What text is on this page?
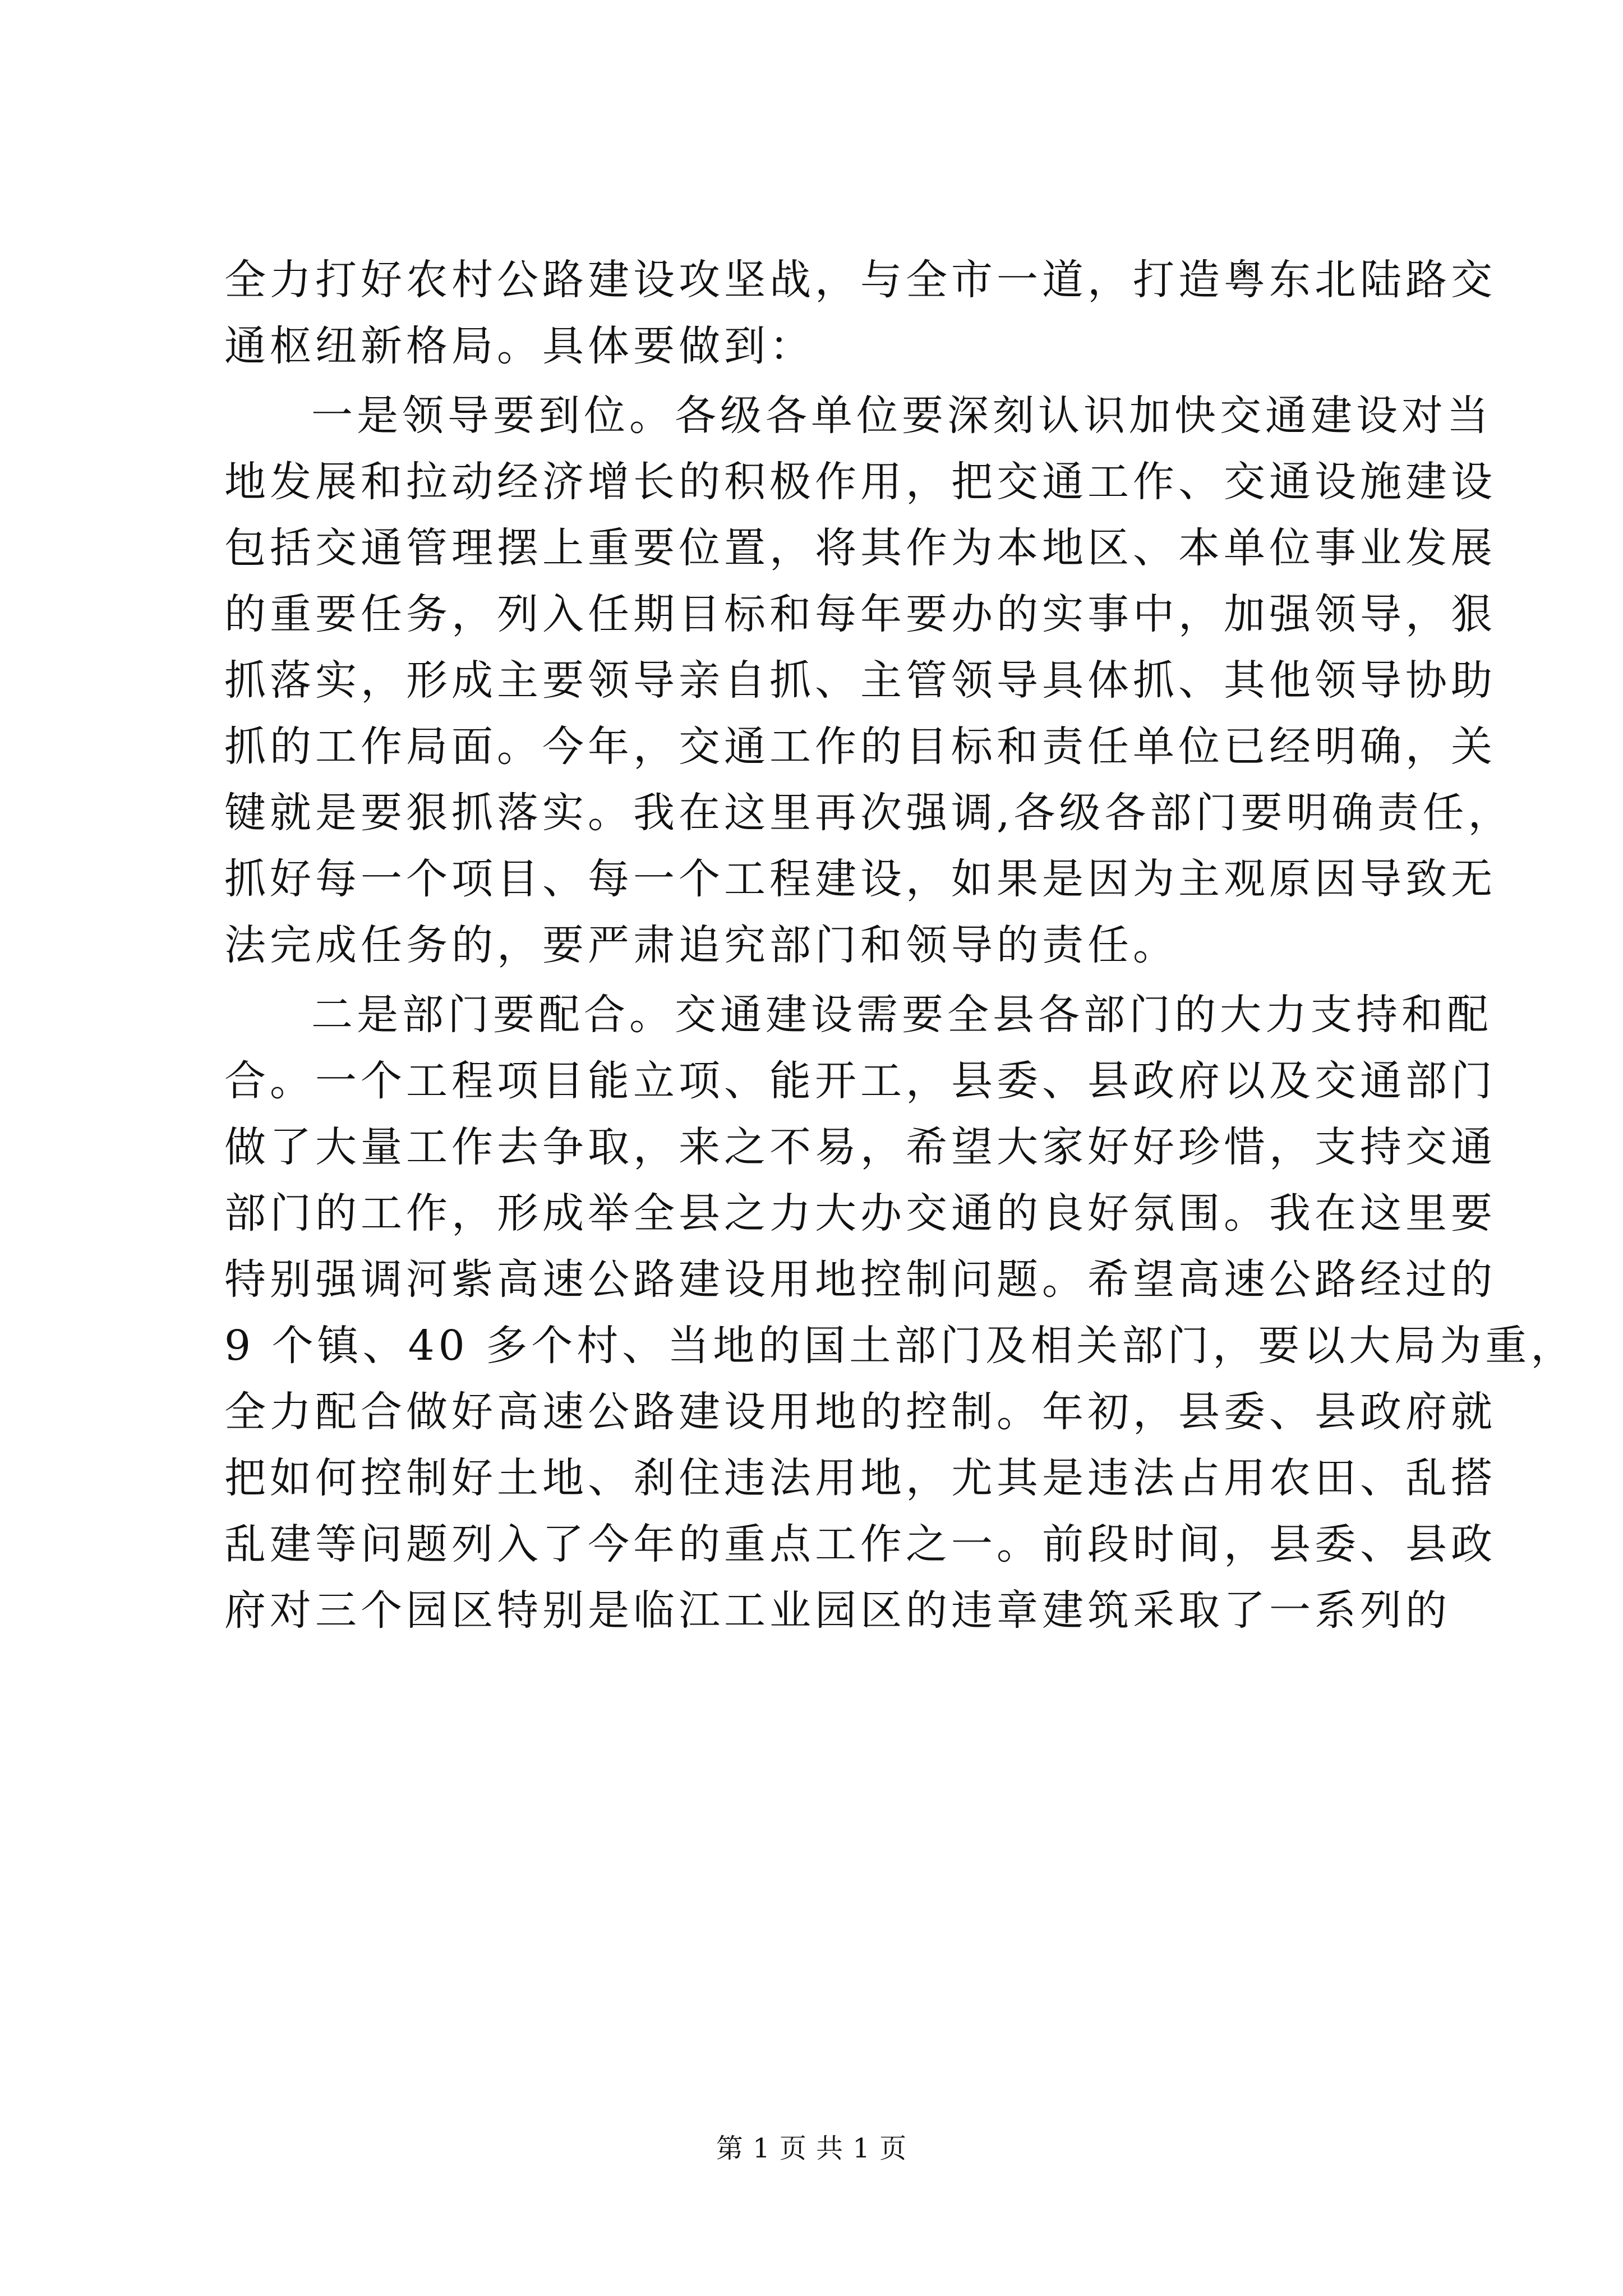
全力打好农村公路建设攻坚战，与全市一道，打造粤东北陆路交
通枢纽新格局。具体要做到：
一是领导要到位。各级各单位要深刻认识加快交通建设对当
地发展和拉动经济增长的积极作用，把交通工作、交通设施建设
包括交通管理摆上重要位置，将其作为本地区、本单位事业发展
的重要任务，列入任期目标和每年要办的实事中，加强领导，狠
抓落实，形成主要领导亲自抓、主管领导具体抓、其他领导协助
抓的工作局面。今年，交通工作的目标和责任单位已经明确，关
键就是要狠抓落实。我在这里再次强调,各级各部门要明确责任，
抓好每一个项目、每一个工程建设，如果是因为主观原因导致无
法完成任务的，要严肃追究部门和领导的责任。
二是部门要配合。交通建设需要全县各部门的大力支持和配
合。一个工程项目能立项、能开工，县委、县政府以及交通部门
做了大量工作去争取，来之不易，希望大家好好珍惜，支持交通
部门的工作，形成举全县之力大办交通的良好氛围。我在这里要
特别强调河紫高速公路建设用地控制问题。希望高速公路经过的
9 个镇、40 多个村、当地的国土部门及相关部门，要以大局为重，
全力配合做好高速公路建设用地的控制。年初，县委、县政府就
把如何控制好土地、刹住违法用地，尤其是违法占用农田、乱搭
乱建等问题列入了今年的重点工作之一。前段时间，县委、县政
府对三个园区特别是临江工业园区的违章建筑采取了一系列的
第 1 页 共 1 页
